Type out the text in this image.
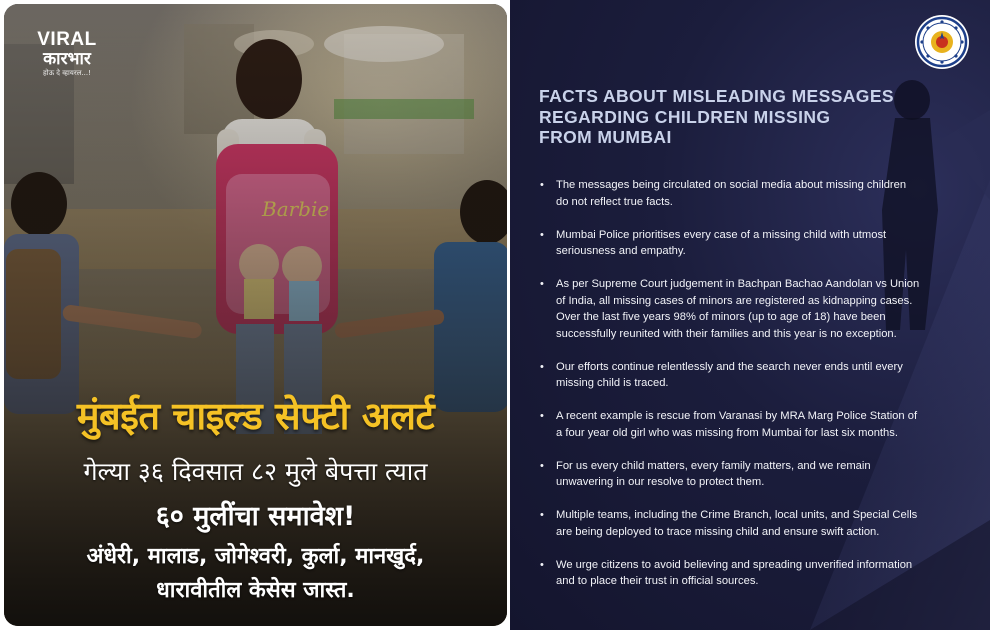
VIRAL
कारभार
होऊ दे व्हायरल...!
मुंबईत चाइल्ड सेफ्टी अलर्ट
गेल्या ३६ दिवसात ८२ मुले बेपत्ता त्यात
६० मुलींचा समावेश!
अंधेरी, मालाड, जोगेश्वरी, कुर्ला, मानखुर्द,
धारावीतील केसेस जास्त.
FACTS ABOUT MISLEADING MESSAGES
REGARDING CHILDREN MISSING
FROM MUMBAI
• The messages being circulated on social media about missing children
do not reflect true facts.
• Mumbai Police prioritises every case of a missing child with utmost
seriousness and empathy.
• As per Supreme Court judgement in Bachpan Bachao Aandolan vs Union
of India, all missing cases of minors are registered as kidnapping cases.
Over the last five years 98% of minors (up to age of 18) have been
successfully reunited with their families and this year is no exception.
• Our efforts continue relentlessly and the search never ends until every
missing child is traced.
• A recent example is rescue from Varanasi by MRA Marg Police Station of
a four year old girl who was missing from Mumbai for last six months.
• For us every child matters, every family matters, and we remain
unwavering in our resolve to protect them.
• Multiple teams, including the Crime Branch, local units, and Special Cells
are being deployed to trace missing child and ensure swift action.
• We urge citizens to avoid believing and spreading unverified information
and to place their trust in official sources.
